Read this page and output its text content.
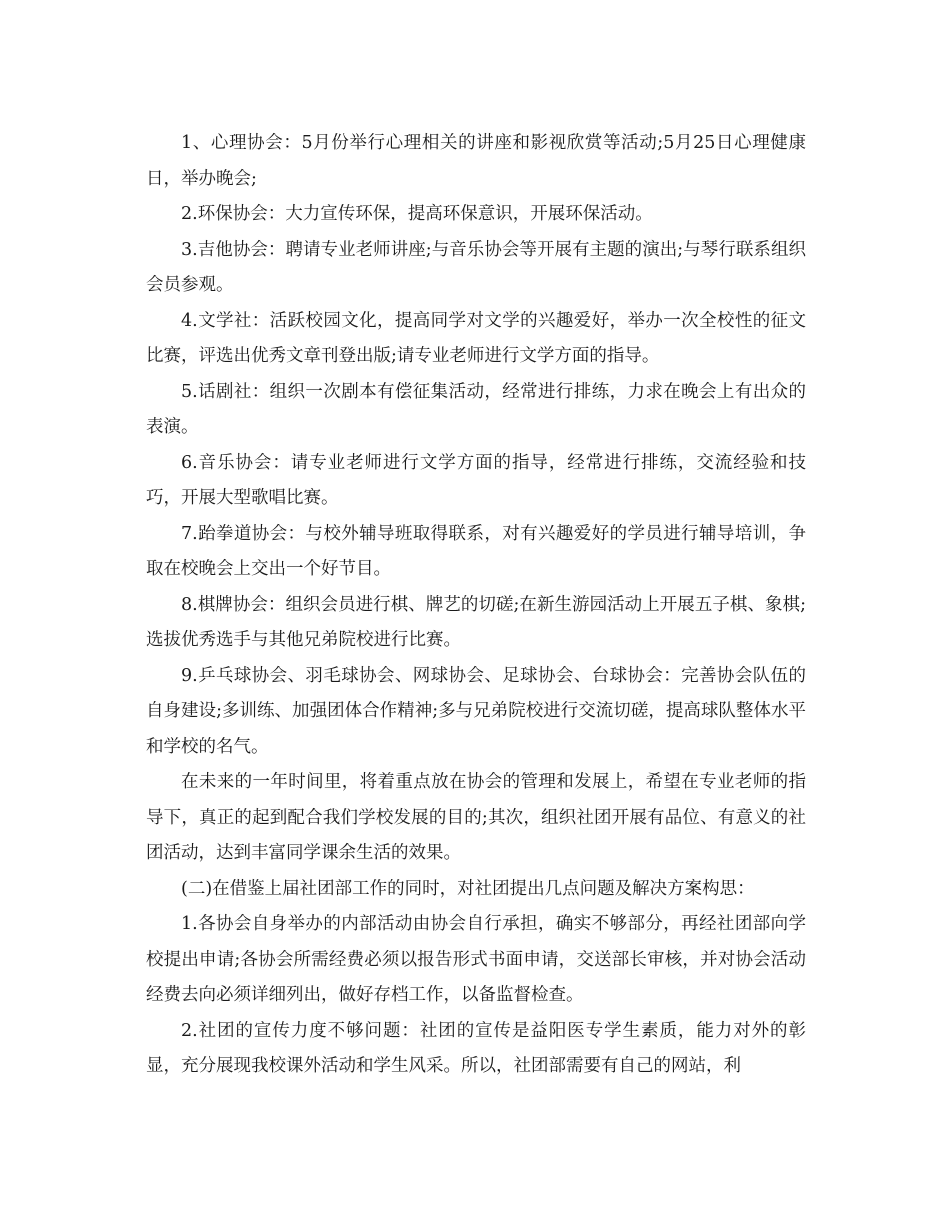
1、心理协会：5月份举行心理相关的讲座和影视欣赏等活动;5月25日心理健康日，举办晚会;

2.环保协会：大力宣传环保，提高环保意识，开展环保活动。

3.吉他协会：聘请专业老师讲座;与音乐协会等开展有主题的演出;与琴行联系组织会员参观。

4.文学社：活跃校园文化，提高同学对文学的兴趣爱好，举办一次全校性的征文比赛，评选出优秀文章刊登出版;请专业老师进行文学方面的指导。

5.话剧社：组织一次剧本有偿征集活动，经常进行排练，力求在晚会上有出众的表演。

6.音乐协会：请专业老师进行文学方面的指导，经常进行排练，交流经验和技巧，开展大型歌唱比赛。

7.跆拳道协会：与校外辅导班取得联系，对有兴趣爱好的学员进行辅导培训，争取在校晚会上交出一个好节目。

8.棋牌协会：组织会员进行棋、牌艺的切磋;在新生游园活动上开展五子棋、象棋;选拔优秀选手与其他兄弟院校进行比赛。

9.乒乓球协会、羽毛球协会、网球协会、足球协会、台球协会：完善协会队伍的自身建设;多训练、加强团体合作精神;多与兄弟院校进行交流切磋，提高球队整体水平和学校的名气。

在未来的一年时间里，将着重点放在协会的管理和发展上，希望在专业老师的指导下，真正的起到配合我们学校发展的目的;其次，组织社团开展有品位、有意义的社团活动，达到丰富同学课余生活的效果。

(二)在借鉴上届社团部工作的同时，对社团提出几点问题及解决方案构思：

1.各协会自身举办的内部活动由协会自行承担，确实不够部分，再经社团部向学校提出申请;各协会所需经费必须以报告形式书面申请，交送部长审核，并对协会活动经费去向必须详细列出，做好存档工作，以备监督检查。

2.社团的宣传力度不够问题：社团的宣传是益阳医专学生素质，能力对外的彰显，充分展现我校课外活动和学生风采。所以，社团部需要有自己的网站，利
